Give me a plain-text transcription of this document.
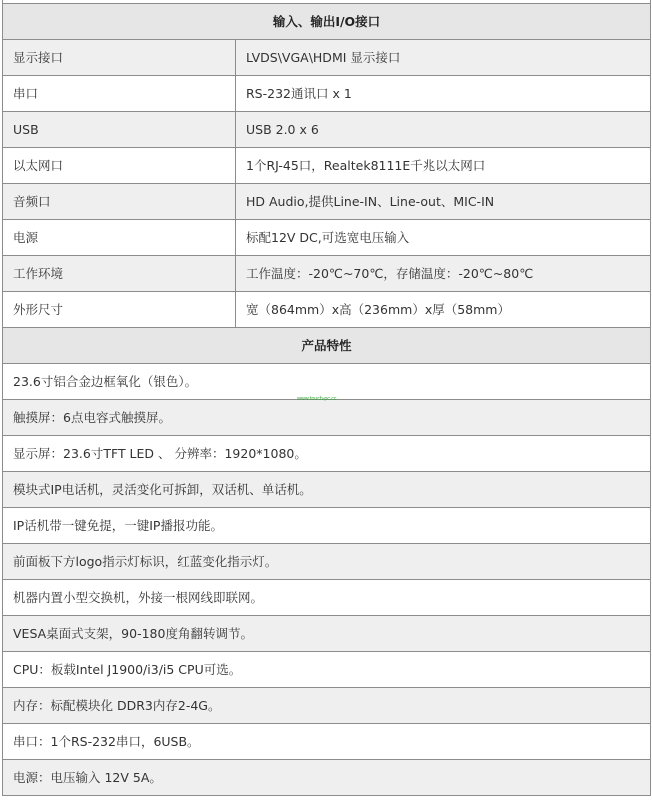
输入、输出I/O接口	
显示接口	LVDS\VGA\HDMI 显示接口
串口	RS-232通讯口 x 1
USB	USB 2.0 x 6
以太网口	1个RJ-45口，Realtek8111E千兆以太网口
音频口	HD Audio,提供Line-IN、Line-out、MIC-IN
电源	标配12V DC,可选宽电压输入
工作环境	工作温度：-20℃~70℃，存储温度：-20℃~80℃
外形尺寸	宽（864mm）x高（236mm）x厚（58mm）
产品特性	
23.6寸铝合金边框氧化（银色）。	
触摸屏：6点电容式触摸屏。	
显示屏：23.6寸TFT LED 、 分辨率：1920*1080。	
模块式IP电话机，灵活变化可拆卸，双话机、单话机。	
IP话机带一键免提，一键IP播报功能。	
前面板下方logo指示灯标识，红蓝变化指示灯。	
机器内置小型交换机，外接一根网线即联网。	
VESA桌面式支架，90-180度角翻转调节。	
CPU：板载Intel J1900/i3/i5 CPU可选。	
内存：标配模块化 DDR3内存2-4G。	
串口：1个RS-232串口，6USB。	
电源：电压输入 12V 5A。	
www.touch-pc.cc
